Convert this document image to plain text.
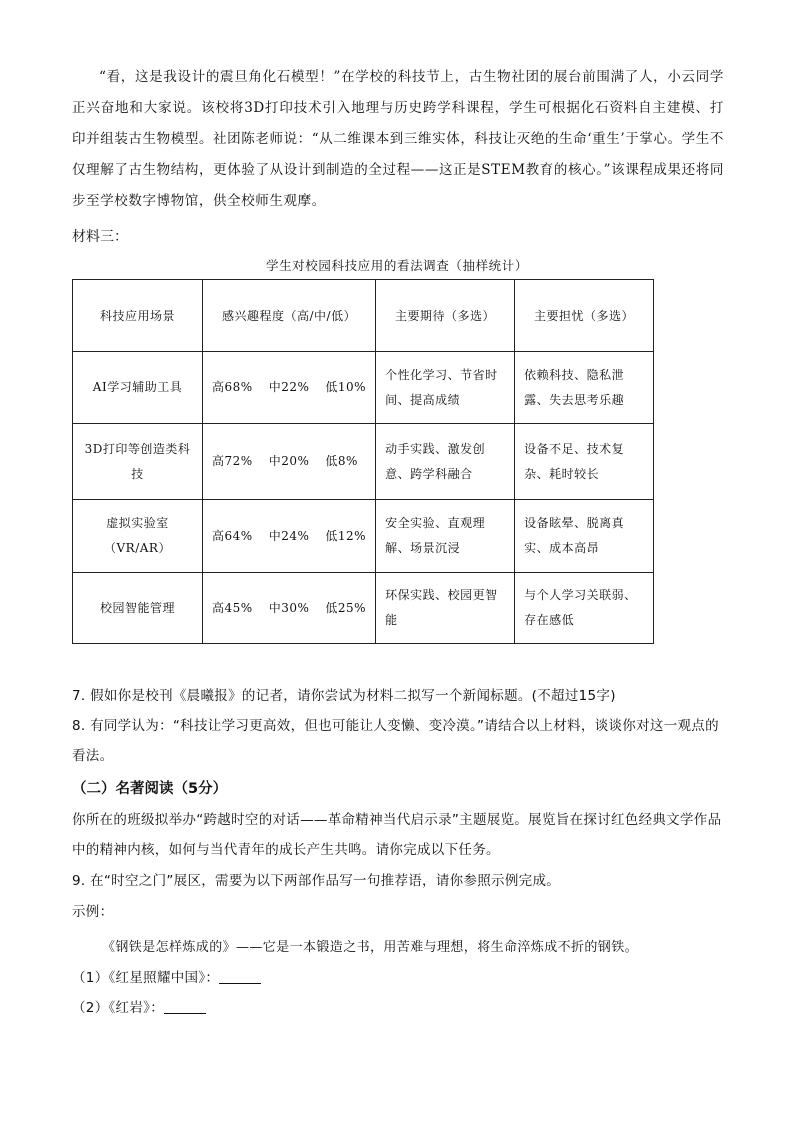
“看，这是我设计的震旦角化石模型！”在学校的科技节上，古生物社团的展台前围满了人，小云同学正兴奋地和大家说。该校将3D打印技术引入地理与历史跨学科课程，学生可根据化石资料自主建模、打印并组装古生物模型。社团陈老师说：“从二维课本到三维实体，科技让灭绝的生命‘重生’于掌心。学生不仅理解了古生物结构，更体验了从设计到制造的全过程——这正是STEM教育的核心。”该课程成果还将同步至学校数字博物馆，供全校师生观摩。

材料三：

学生对校园科技应用的看法调查（抽样统计）
科技应用场景	感兴趣程度（高/中/低）	主要期待（多选）	主要担忧（多选）
AI学习辅助工具	高68% 中22% 低10%	个性化学习、节省时间、提高成绩	依赖科技、隐私泄露、失去思考乐趣
3D打印等创造类科技	高72% 中20% 低8%	动手实践、激发创意、跨学科融合	设备不足、技术复杂、耗时较长
虚拟实验室（VR/AR）	高64% 中24% 低12%	安全实验、直观理解、场景沉浸	设备眩晕、脱离真实、成本高昂
校园智能管理	高45% 中30% 低25%	环保实践、校园更智能	与个人学习关联弱、存在感低

7. 假如你是校刊《晨曦报》的记者，请你尝试为材料二拟写一个新闻标题。(不超过15字)

8. 有同学认为：“科技让学习更高效，但也可能让人变懒、变冷漠。”请结合以上材料，谈谈你对这一观点的看法。

（二）名著阅读（5分）

你所在的班级拟举办“跨越时空的对话——革命精神当代启示录”主题展览。展览旨在探讨红色经典文学作品中的精神内核，如何与当代青年的成长产生共鸣。请你完成以下任务。

9. 在“时空之门”展区，需要为以下两部作品写一句推荐语，请你参照示例完成。

示例：

《钢铁是怎样炼成的》——它是一本锻造之书，用苦难与理想，将生命淬炼成不折的钢铁。

（1）《红星照耀中国》：

（2）《红岩》：
